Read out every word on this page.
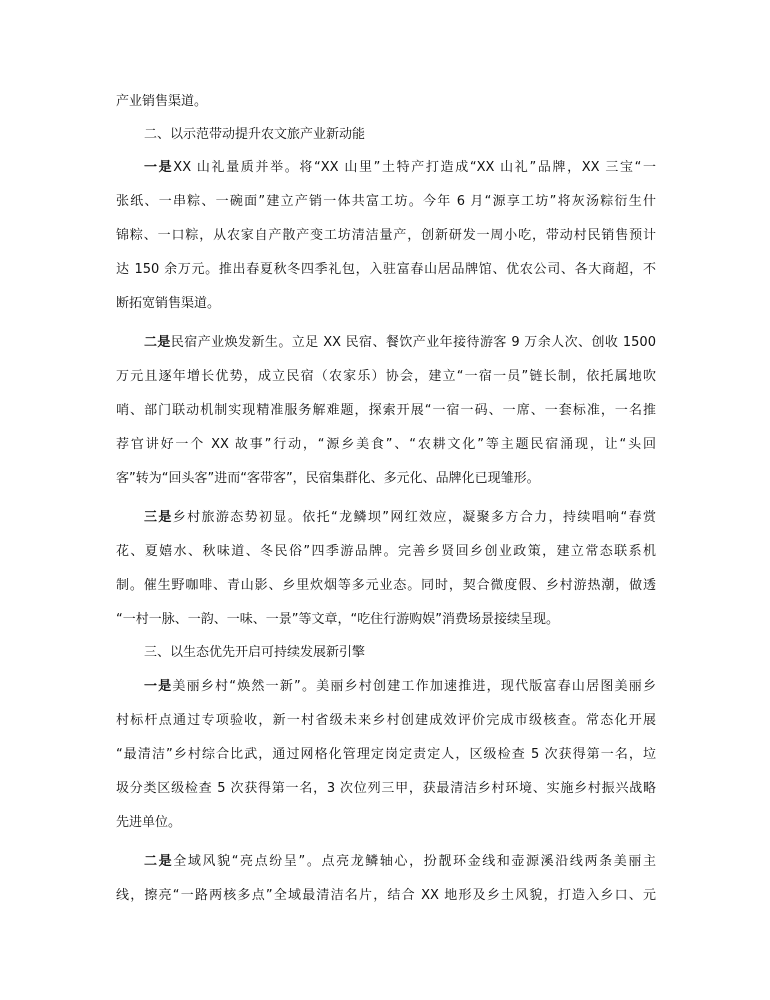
产业销售渠道。
二、以示范带动提升农文旅产业新动能
一是XX 山礼量质并举。将“XX 山里”土特产打造成“XX 山礼”品牌，XX 三宝“一
张纸、一串粽、一碗面”建立产销一体共富工坊。今年 6 月“源享工坊”将灰汤粽衍生什
锦粽、一口粽，从农家自产散产变工坊清洁量产，创新研发一周小吃，带动村民销售预计
达 150 余万元。推出春夏秋冬四季礼包，入驻富春山居品牌馆、优农公司、各大商超，不
断拓宽销售渠道。
二是民宿产业焕发新生。立足 XX 民宿、餐饮产业年接待游客 9 万余人次、创收 1500
万元且逐年增长优势，成立民宿（农家乐）协会，建立“一宿一员”链长制，依托属地吹
哨、部门联动机制实现精准服务解难题，探索开展“一宿一码、一席、一套标准，一名推
荐官讲好一个 XX 故事”行动，“源乡美食”、“农耕文化”等主题民宿涌现，让“头回
客”转为“回头客”进而“客带客”，民宿集群化、多元化、品牌化已现雏形。
三是乡村旅游态势初显。依托“龙鳞坝”网红效应，凝聚多方合力，持续唱响“春赏
花、夏嬉水、秋味道、冬民俗”四季游品牌。完善乡贤回乡创业政策，建立常态联系机
制。催生野咖啡、青山影、乡里炊烟等多元业态。同时，契合微度假、乡村游热潮，做透
“一村一脉、一韵、一味、一景”等文章，“吃住行游购娱”消费场景接续呈现。
三、以生态优先开启可持续发展新引擎
一是美丽乡村“焕然一新”。美丽乡村创建工作加速推进，现代版富春山居图美丽乡
村标杆点通过专项验收，新一村省级未来乡村创建成效评价完成市级核查。常态化开展
“最清洁”乡村综合比武，通过网格化管理定岗定责定人，区级检查 5 次获得第一名，垃
圾分类区级检查 5 次获得第一名，3 次位列三甲，获最清洁乡村环境、实施乡村振兴战略
先进单位。
二是全域风貌“亮点纷呈”。点亮龙鳞轴心，扮靓环金线和壶源溪沿线两条美丽主
线，擦亮“一路两核多点”全域最清洁名片，结合 XX 地形及乡土风貌，打造入乡口、元
